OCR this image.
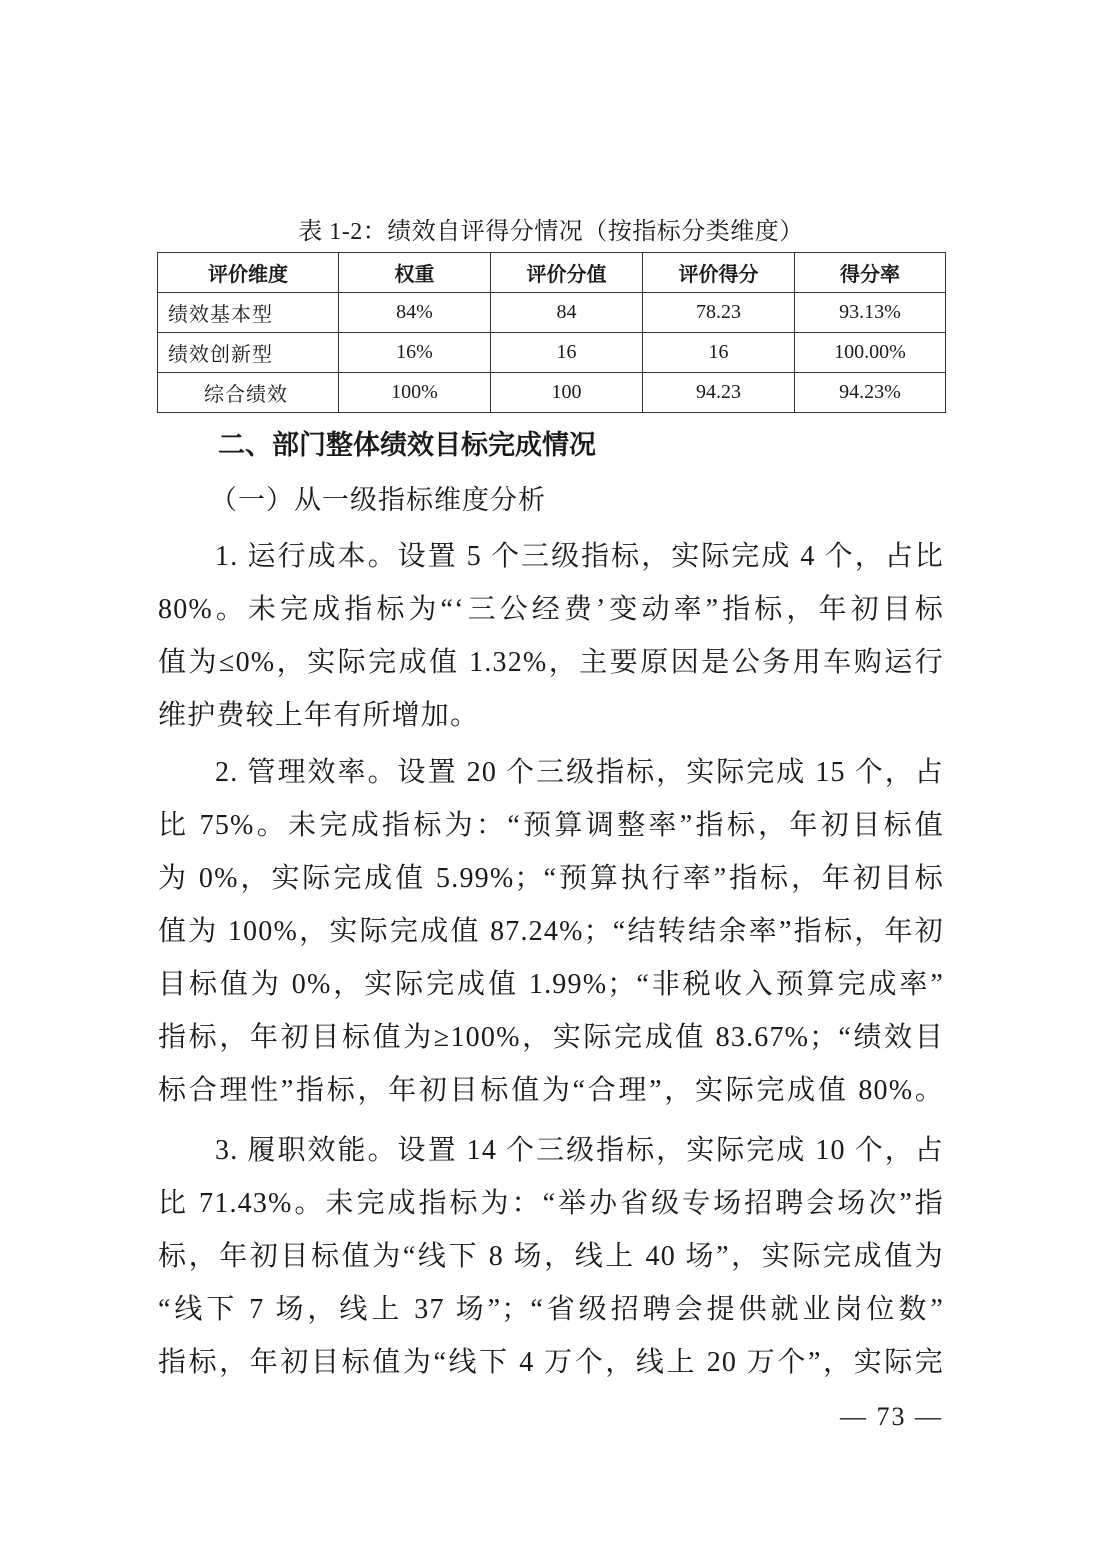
表 1-2：绩效自评得分情况（按指标分类维度）
评价维度	权重	评价分值	评价得分	得分率
绩效基本型	84%	84	78.23	93.13%
绩效创新型	16%	16	16	100.00%
综合绩效	100%	100	94.23	94.23%
二、部门整体绩效目标完成情况
（一）从一级指标维度分析
1. 运行成本。设置 5 个三级指标，实际完成 4 个，占比
80%。未完成指标为“‘三公经费’变动率”指标，年初目标
值为≤0%，实际完成值 1.32%，主要原因是公务用车购运行
维护费较上年有所增加。
2. 管理效率。设置 20 个三级指标，实际完成 15 个，占
比 75%。未完成指标为：“预算调整率”指标，年初目标值
为 0%，实际完成值 5.99%；“预算执行率”指标，年初目标
值为 100%，实际完成值 87.24%；“结转结余率”指标，年初
目标值为 0%，实际完成值 1.99%；“非税收入预算完成率”
指标，年初目标值为≥100%，实际完成值 83.67%；“绩效目
标合理性”指标，年初目标值为“合理”，实际完成值 80%。
3. 履职效能。设置 14 个三级指标，实际完成 10 个，占
比 71.43%。未完成指标为：“举办省级专场招聘会场次”指
标，年初目标值为“线下 8 场，线上 40 场”，实际完成值为
“线下 7 场，线上 37 场”；“省级招聘会提供就业岗位数”
指标，年初目标值为“线下 4 万个，线上 20 万个”，实际完
— 73 —
